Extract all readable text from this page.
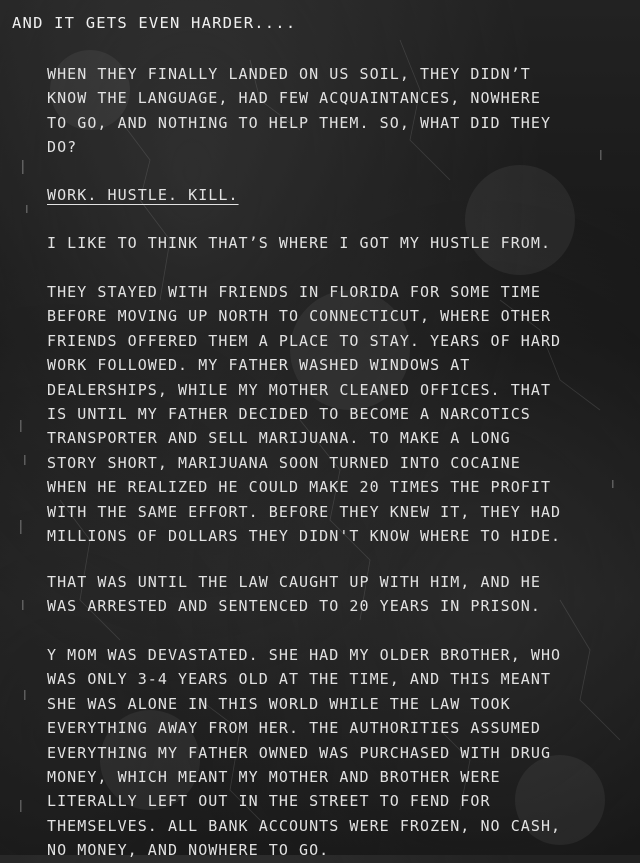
AND IT GETS EVEN HARDER....
WHEN THEY FINALLY LANDED ON US SOIL, THEY DIDN’T
KNOW THE LANGUAGE, HAD FEW ACQUAINTANCES, NOWHERE
TO GO, AND NOTHING TO HELP THEM. SO, WHAT DID THEY
DO?
WORK. HUSTLE. KILL.
I LIKE TO THINK THAT’S WHERE I GOT MY HUSTLE FROM.
THEY STAYED WITH FRIENDS IN FLORIDA FOR SOME TIME
BEFORE MOVING UP NORTH TO CONNECTICUT, WHERE OTHER
FRIENDS OFFERED THEM A PLACE TO STAY. YEARS OF HARD
WORK FOLLOWED. MY FATHER WASHED WINDOWS AT
DEALERSHIPS, WHILE MY MOTHER CLEANED OFFICES. THAT
IS UNTIL MY FATHER DECIDED TO BECOME A NARCOTICS
TRANSPORTER AND SELL MARIJUANA. TO MAKE A LONG
STORY SHORT, MARIJUANA SOON TURNED INTO COCAINE
WHEN HE REALIZED HE COULD MAKE 20 TIMES THE PROFIT
WITH THE SAME EFFORT. BEFORE THEY KNEW IT, THEY HAD
MILLIONS OF DOLLARS THEY DIDN'T KNOW WHERE TO HIDE.
THAT WAS UNTIL THE LAW CAUGHT UP WITH HIM, AND HE
WAS ARRESTED AND SENTENCED TO 20 YEARS IN PRISON.
Y MOM WAS DEVASTATED. SHE HAD MY OLDER BROTHER, WHO
WAS ONLY 3-4 YEARS OLD AT THE TIME, AND THIS MEANT
SHE WAS ALONE IN THIS WORLD WHILE THE LAW TOOK
EVERYTHING AWAY FROM HER. THE AUTHORITIES ASSUMED
EVERYTHING MY FATHER OWNED WAS PURCHASED WITH DRUG
MONEY, WHICH MEANT MY MOTHER AND BROTHER WERE
LITERALLY LEFT OUT IN THE STREET TO FEND FOR
THEMSELVES. ALL BANK ACCOUNTS WERE FROZEN, NO CASH,
NO MONEY, AND NOWHERE TO GO.
